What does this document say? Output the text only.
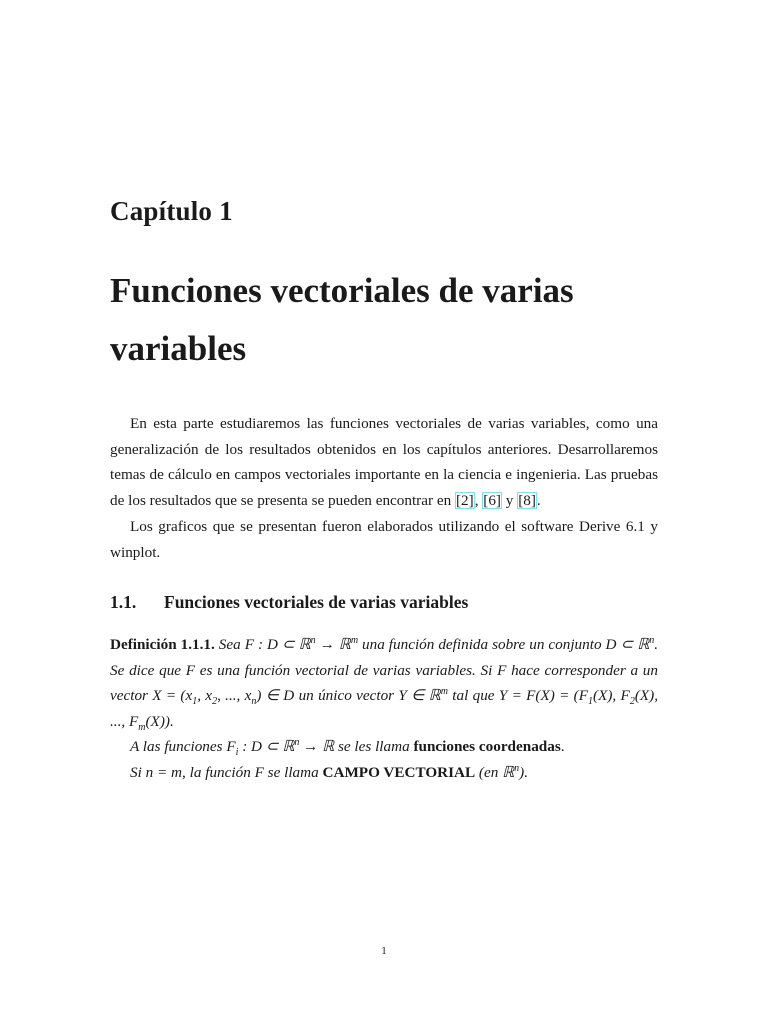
Capítulo 1
Funciones vectoriales de varias variables

En esta parte estudiaremos las funciones vectoriales de varias variables, como una generalización de los resultados obtenidos en los capítulos anteriores. Desarrollaremos temas de cálculo en campos vectoriales importante en la ciencia e ingenieria. Las pruebas de los resultados que se presenta se pueden encontrar en [2], [6] y [8].

Los graficos que se presentan fueron elaborados utilizando el software Derive 6.1 y winplot.

1.1. Funciones vectoriales de varias variables
Definición 1.1.1. Sea F : D ⊂ ℝ$^n$ → ℝ$^m$ una función definida sobre un conjunto D ⊂ ℝ$^n$. Se dice que F es una función vectorial de varias variables. Si F hace corresponder a un vector $X = (x_1$, $x_2$, ..., $x_n$) ∈ D un único vector Y ∈ ℝ$^m$ tal que $Y = F(X) = (F_1(X)$, $F_2(X)$, ..., $F_m(X)$).
A las funciones $F_i$ : D ⊂ ℝ$^n$ → ℝ se les llama funciones coordenadas.
Si n = m, la función F se llama CAMPO VECTORIAL (en ℝ$^n$).

1
